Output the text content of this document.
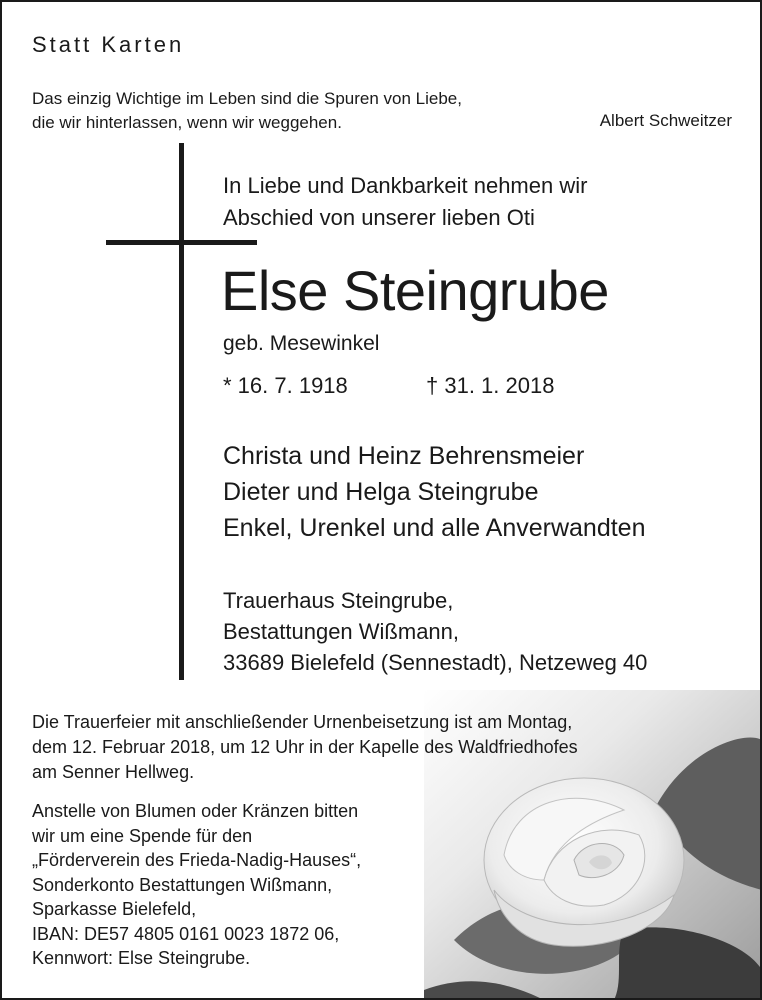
Statt Karten
Das einzig Wichtige im Leben sind die Spuren von Liebe,
die wir hinterlassen, wenn wir weggehen.	Albert Schweitzer
In Liebe und Dankbarkeit nehmen wir
Abschied von unserer lieben Oti
Else Steingrube
geb. Mesewinkel
* 16. 7. 1918	† 31. 1. 2018
Christa und Heinz Behrensmeier
Dieter und Helga Steingrube
Enkel, Urenkel und alle Anverwandten
Trauerhaus Steingrube,
Bestattungen Wißmann,
33689 Bielefeld (Sennestadt), Netzeweg 40
Die Trauerfeier mit anschließender Urnenbeisetzung ist am Montag,
dem 12. Februar 2018, um 12 Uhr in der Kapelle des Waldfriedhofes
am Senner Hellweg.
Anstelle von Blumen oder Kränzen bitten
wir um eine Spende für den
„Förderverein des Frieda-Nadig-Hauses“,
Sonderkonto Bestattungen Wißmann,
Sparkasse Bielefeld,
IBAN: DE57 4805 0161 0023 1872 06,
Kennwort: Else Steingrube.
